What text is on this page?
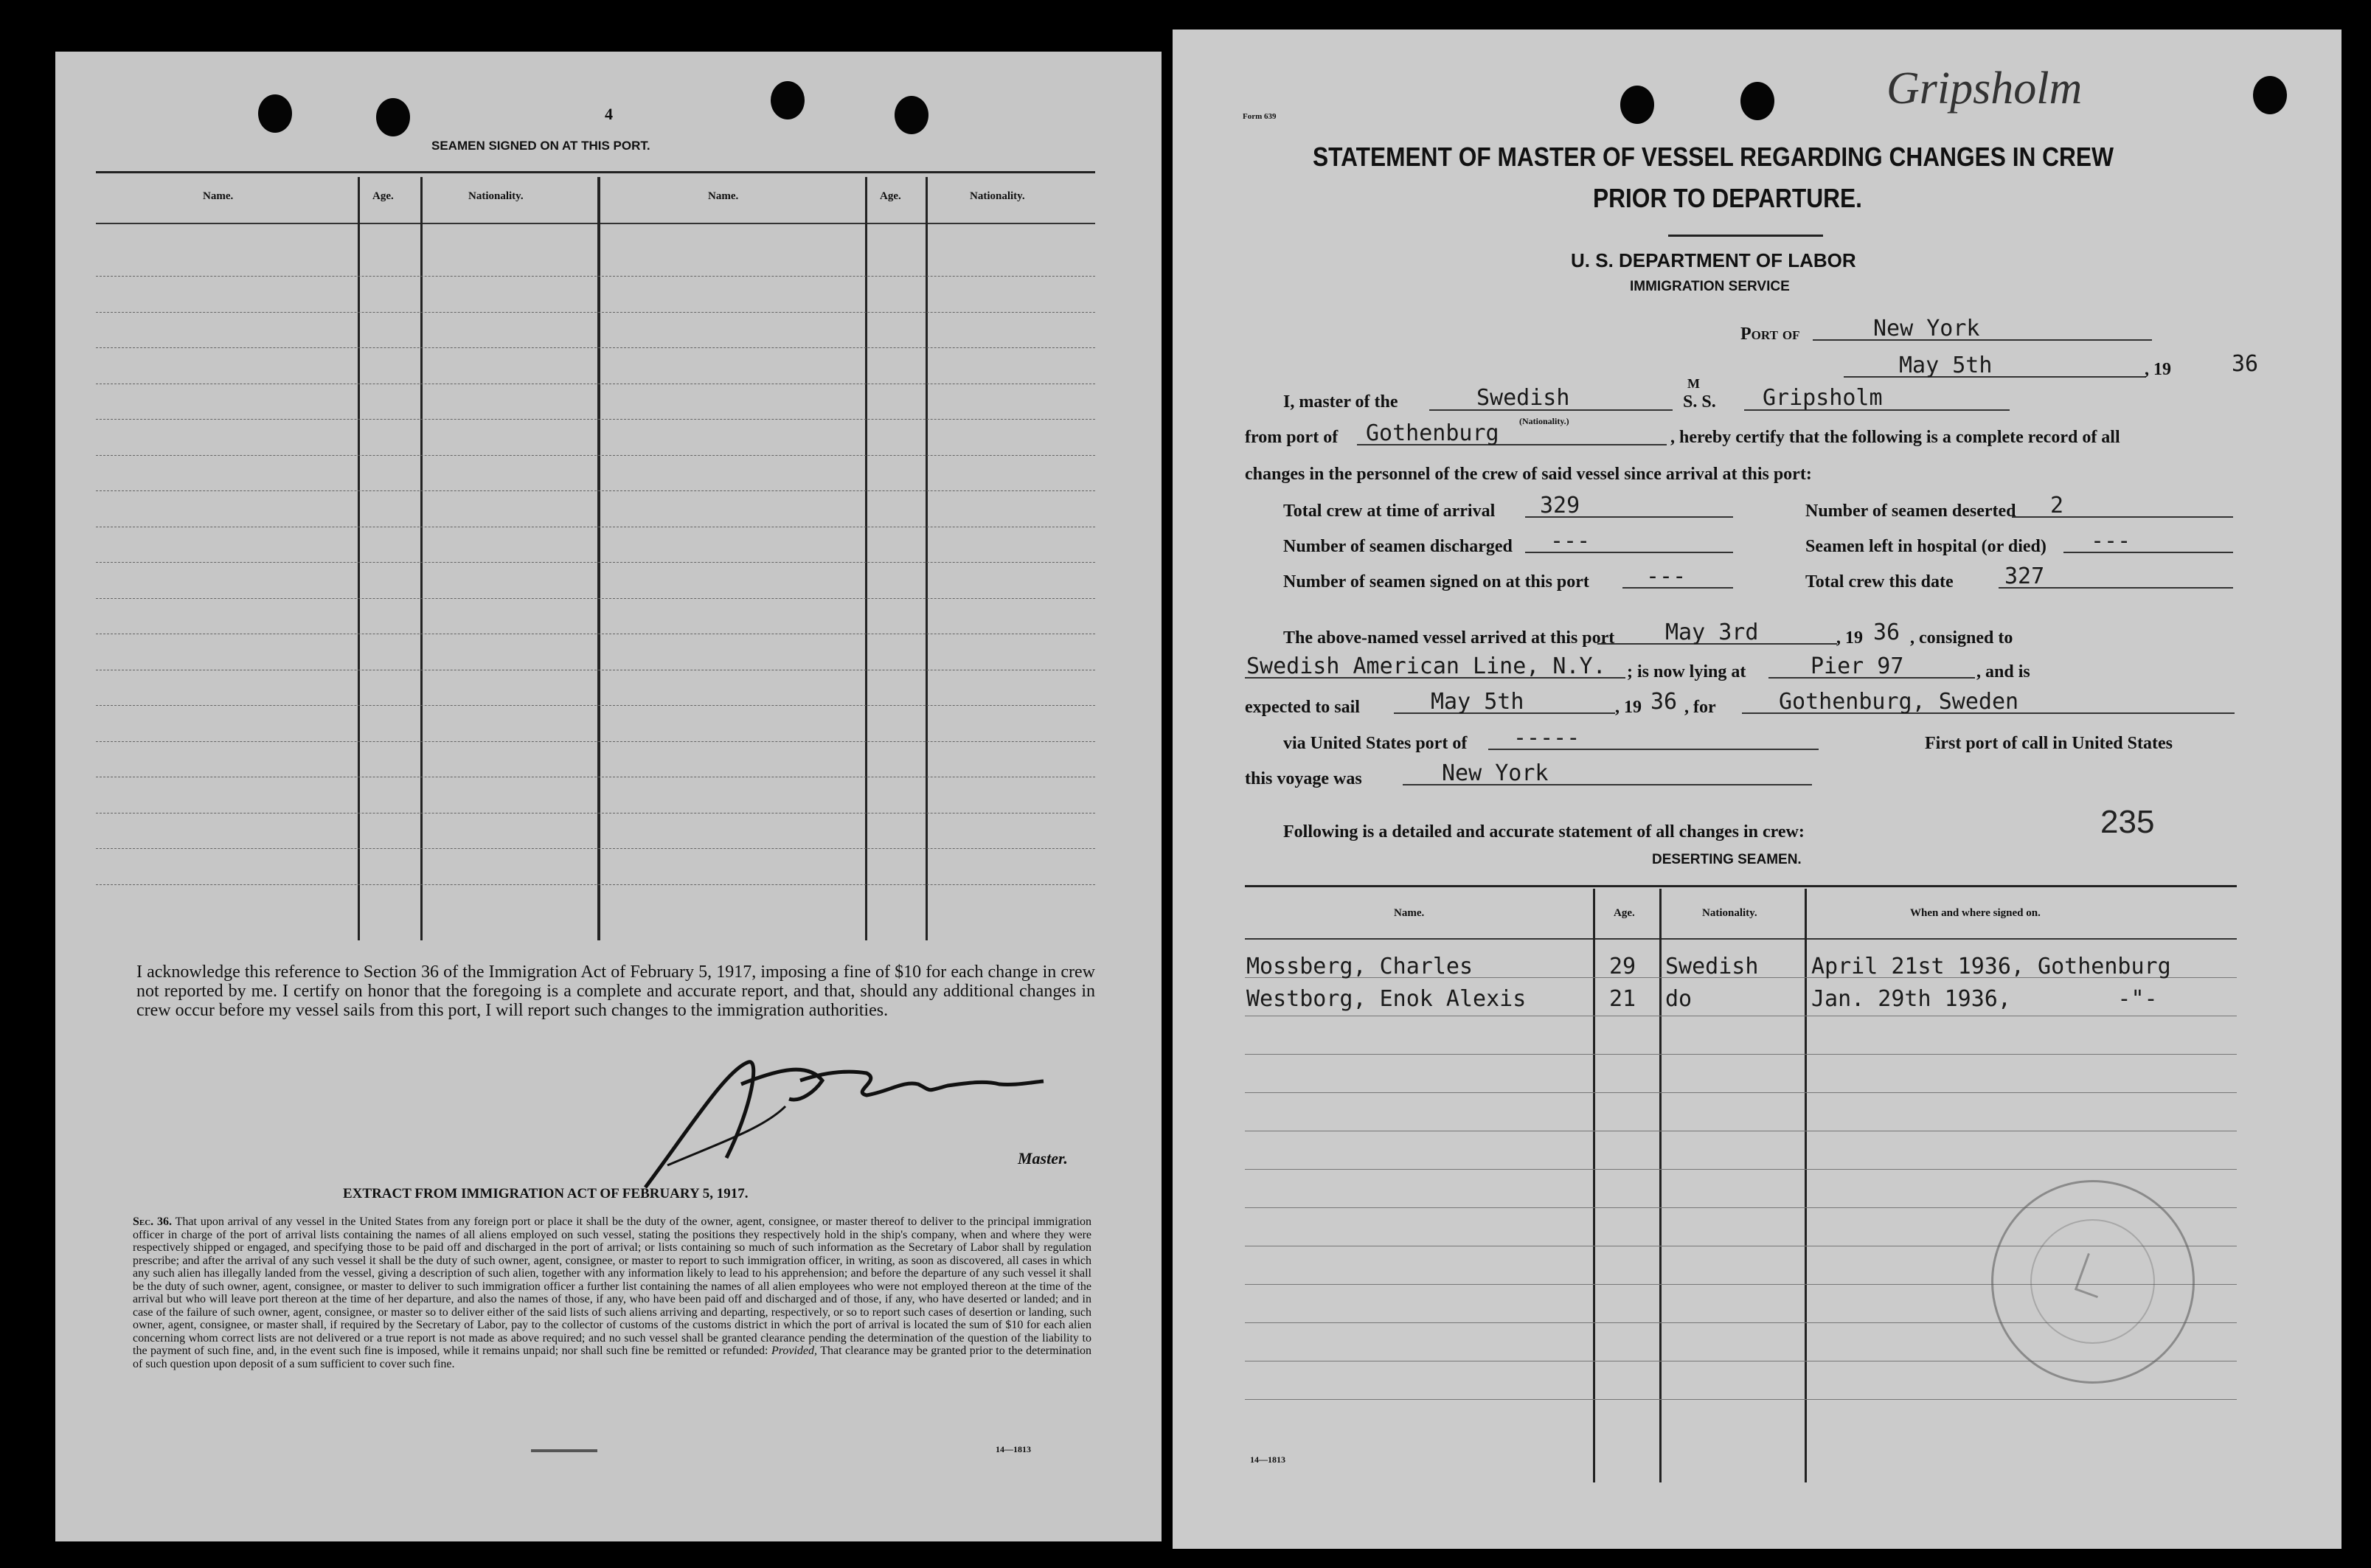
4
SEAMEN SIGNED ON AT THIS PORT.
Name.	Age.	Nationality.	Name.	Age.	Nationality.
I acknowledge this reference to Section 36 of the Immigration Act of February 5, 1917, imposing a fine of $10 for each change in crew not reported by me. I certify on honor that the foregoing is a complete and accurate report, and that, should any additional changes in crew occur before my vessel sails from this port, I will report such changes to the immigration authorities.
Master.
EXTRACT FROM IMMIGRATION ACT OF FEBRUARY 5, 1917.
Sec. 36. That upon arrival of any vessel in the United States from any foreign port or place it shall be the duty of the owner, agent, consignee, or master thereof to deliver to the principal immigration officer in charge of the port of arrival lists containing the names of all aliens employed on such vessel, stating the positions they respectively hold in the ship's company, when and where they were respectively shipped or engaged, and specifying those to be paid off and discharged in the port of arrival; or lists containing so much of such information as the Secretary of Labor shall by regulation prescribe; and after the arrival of any such vessel it shall be the duty of such owner, agent, consignee, or master to report to such immigration officer, in writing, as soon as discovered, all cases in which any such alien has illegally landed from the vessel, giving a description of such alien, together with any information likely to lead to his apprehension; and before the departure of any such vessel it shall be the duty of such owner, agent, consignee, or master to deliver to such immigration officer a further list containing the names of all alien employees who were not employed thereon at the time of the arrival but who will leave port thereon at the time of her departure, and also the names of those, if any, who have been paid off and discharged and of those, if any, who have deserted or landed; and in case of the failure of such owner, agent, consignee, or master so to deliver either of the said lists of such aliens arriving and departing, respectively, or so to report such cases of desertion or landing, such owner, agent, consignee, or master shall, if required by the Secretary of Labor, pay to the collector of customs of the customs district in which the port of arrival is located the sum of $10 for each alien concerning whom correct lists are not delivered or a true report is not made as above required; and no such vessel shall be granted clearance pending the determination of the question of the liability to the payment of such fine, and, in the event such fine is imposed, while it remains unpaid; nor shall such fine be remitted or refunded: Provided, That clearance may be granted prior to the determination of such question upon deposit of a sum sufficient to cover such fine.
14—1813
Form 639
Gripsholm
STATEMENT OF MASTER OF VESSEL REGARDING CHANGES IN CREW
PRIOR TO DEPARTURE.
U. S. DEPARTMENT OF LABOR
IMMIGRATION SERVICE
Port of	New York
May 5th	, 19	36
I, master of the	Swedish
(Nationality.)
M
S. S. Gripsholm
from port of Gothenburg	, hereby certify that the following is a complete record of all
changes in the personnel of the crew of said vessel since arrival at this port:
Total crew at time of arrival 329	Number of seamen deserted 2
Number of seamen discharged ---	Seamen left in hospital (or died) ---
Number of seamen signed on at this port	---	Total crew this date 327
The above-named vessel arrived at this port May 3rd	, 19 36 , consigned to
Swedish American Line, N.Y. ; is now lying at	Pier 97	, and is
expected to sail	May 5th	, 19 36 , for	Gothenburg, Sweden
via United States port of -----	First port of call in United States
this voyage was	New York
Following is a detailed and accurate statement of all changes in crew:	235
DESERTING SEAMEN.
Name.	Age.	Nationality.	When and where signed on.
Mossberg, Charles	29 Swedish April 21st 1936, Gothenburg
Westborg, Enok Alexis	21 do	Jan. 29th 1936,        -"-
14—1813
